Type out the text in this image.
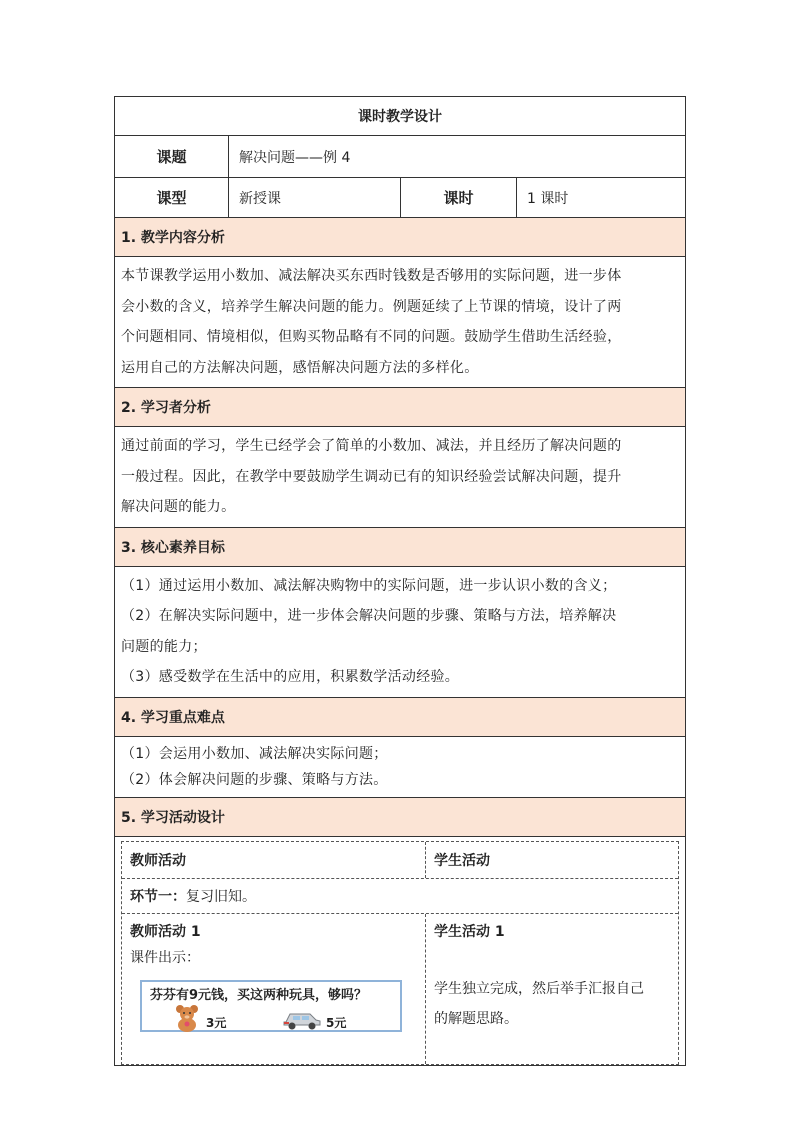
课时教学设计
课题	解决问题——例 4
课型	新授课	课时	1 课时
1. 教学内容分析
本节课教学运用小数加、减法解决买东西时钱数是否够用的实际问题，进一步体
会小数的含义，培养学生解决问题的能力。例题延续了上节课的情境，设计了两
个问题相同、情境相似，但购买物品略有不同的问题。鼓励学生借助生活经验，
运用自己的方法解决问题，感悟解决问题方法的多样化。
2. 学习者分析
通过前面的学习，学生已经学会了简单的小数加、减法，并且经历了解决问题的
一般过程。因此，在教学中要鼓励学生调动已有的知识经验尝试解决问题，提升
解决问题的能力。
3. 核心素养目标
（1）通过运用小数加、减法解决购物中的实际问题，进一步认识小数的含义；
（2）在解决实际问题中，进一步体会解决问题的步骤、策略与方法，培养解决
问题的能力；
（3）感受数学在生活中的应用，积累数学活动经验。
4. 学习重点难点
（1）会运用小数加、减法解决实际问题；
（2）体会解决问题的步骤、策略与方法。
5. 学习活动设计
教师活动	学生活动
环节一：复习旧知。
教师活动 1
课件出示：
芬芬有9元钱，买这两种玩具，够吗？
3元	5元
学生活动 1
学生独立完成，然后举手汇报自己
的解题思路。
